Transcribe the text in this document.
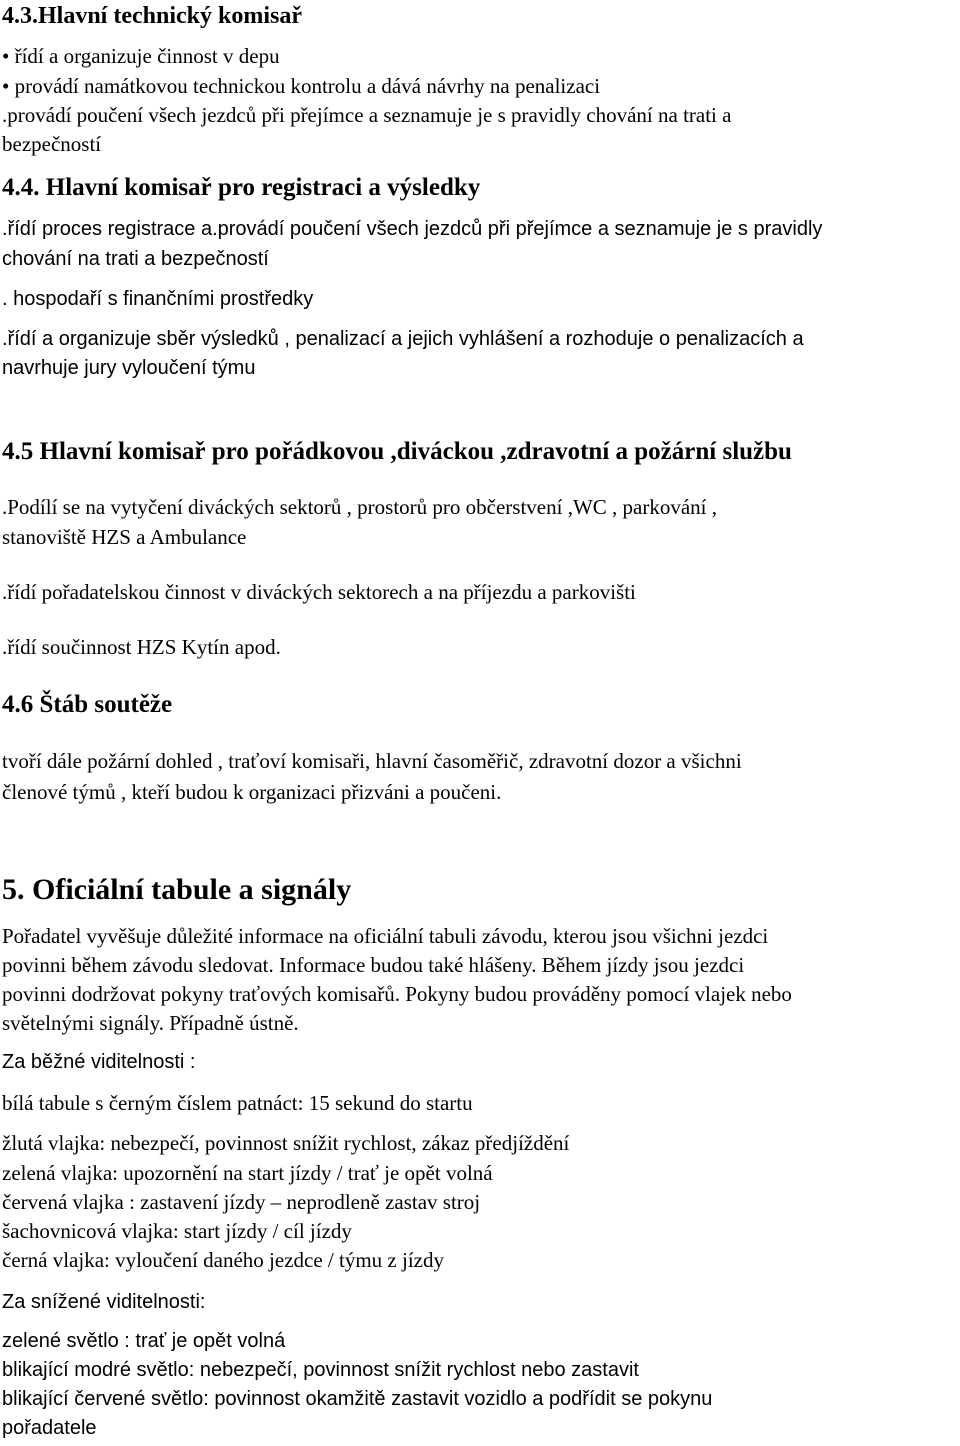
4.3.Hlavní technický komisař
• řídí a organizuje činnost v depu
• provádí namátkovou technickou kontrolu a dává návrhy na penalizaci
.provádí poučení všech jezdců při přejímce a seznamuje je s pravidly chování na trati a
bezpečností
4.4. Hlavní komisař pro registraci a výsledky
.řídí proces registrace a.provádí poučení všech jezdců při přejímce a seznamuje je s pravidly
chování na trati a bezpečností
. hospodaří s finančními prostředky
.řídí a organizuje sběr výsledků , penalizací a jejich vyhlášení a rozhoduje o penalizacích a
navrhuje jury vyloučení týmu
4.5 Hlavní komisař pro pořádkovou ,diváckou ,zdravotní a požární službu
.Podílí se na vytyčení diváckých sektorů , prostorů pro občerstvení ,WC , parkování ,
stanoviště HZS a Ambulance
.řídí pořadatelskou činnost v diváckých sektorech a na příjezdu a parkovišti
.řídí součinnost HZS Kytín apod.
4.6 Štáb soutěže
tvoří dále požární dohled , traťoví komisaři, hlavní časoměřič, zdravotní dozor a všichni
členové týmů , kteří budou k organizaci přizváni a poučeni.
5. Oficiální tabule a signály
Pořadatel vyvěšuje důležité informace na oficiální tabuli závodu, kterou jsou všichni jezdci
povinni během závodu sledovat. Informace budou také hlášeny. Během jízdy jsou jezdci
povinni dodržovat pokyny traťových komisařů. Pokyny budou prováděny pomocí vlajek nebo
světelnými signály. Případně ústně.
Za běžné viditelnosti :
bílá tabule s černým číslem patnáct: 15 sekund do startu
žlutá vlajka: nebezpečí, povinnost snížit rychlost, zákaz předjíždění
zelená vlajka: upozornění na start jízdy / trať je opět volná
červená vlajka : zastavení jízdy – neprodleně zastav stroj
šachovnicová vlajka: start jízdy / cíl jízdy
černá vlajka: vyloučení daného jezdce / týmu z jízdy
Za snížené viditelnosti:
zelené světlo : trať je opět volná
blikající modré světlo: nebezpečí, povinnost snížit rychlost nebo zastavit
blikající červené světlo: povinnost okamžitě zastavit vozidlo a podřídit se pokynu
pořadatele
